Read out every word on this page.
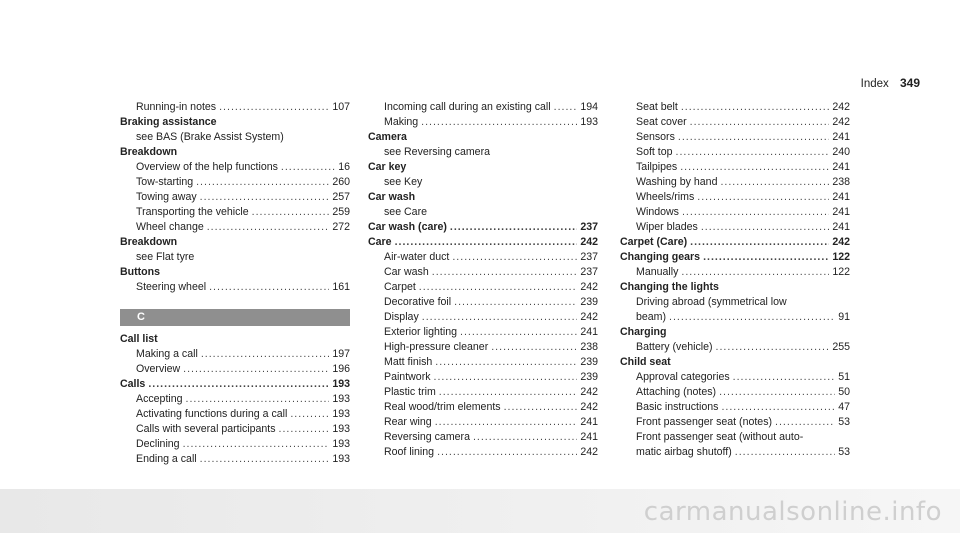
Index 349
Running-in notes .....	107
Braking assistance
see BAS (Brake Assist System)
Breakdown
Overview of the help functions .....	16
Tow-starting .....	260
Towing away .....	257
Transporting the vehicle .....	259
Wheel change .....	272
Breakdown
see Flat tyre
Buttons
Steering wheel .....	161
C
Call list
Making a call .....	197
Overview .....	196
Calls .....	193
Accepting .....	193
Activating functions during a call .....	193
Calls with several participants .....	193
Declining .....	193
Ending a call .....	193
Incoming call during an existing call .....	194
Making .....	193
Camera
see Reversing camera
Car key
see Key
Car wash
see Care
Car wash (care) .....	237
Care .....	242
Air-water duct .....	237
Car wash .....	237
Carpet .....	242
Decorative foil .....	239
Display .....	242
Exterior lighting .....	241
High-pressure cleaner .....	238
Matt finish .....	239
Paintwork .....	239
Plastic trim .....	242
Real wood/trim elements .....	242
Rear wing .....	241
Reversing camera .....	241
Roof lining .....	242
Seat belt .....	242
Seat cover .....	242
Sensors .....	241
Soft top .....	240
Tailpipes .....	241
Washing by hand .....	238
Wheels/rims .....	241
Windows .....	241
Wiper blades .....	241
Carpet (Care) .....	242
Changing gears .....	122
Manually .....	122
Changing the lights
Driving abroad (symmetrical low
beam) .....	91
Charging
Battery (vehicle) .....	255
Child seat
Approval categories .....	51
Attaching (notes) .....	50
Basic instructions .....	47
Front passenger seat (notes) .....	53
Front passenger seat (without auto-
matic airbag shutoff) .....	53
carmanualsonline.info
